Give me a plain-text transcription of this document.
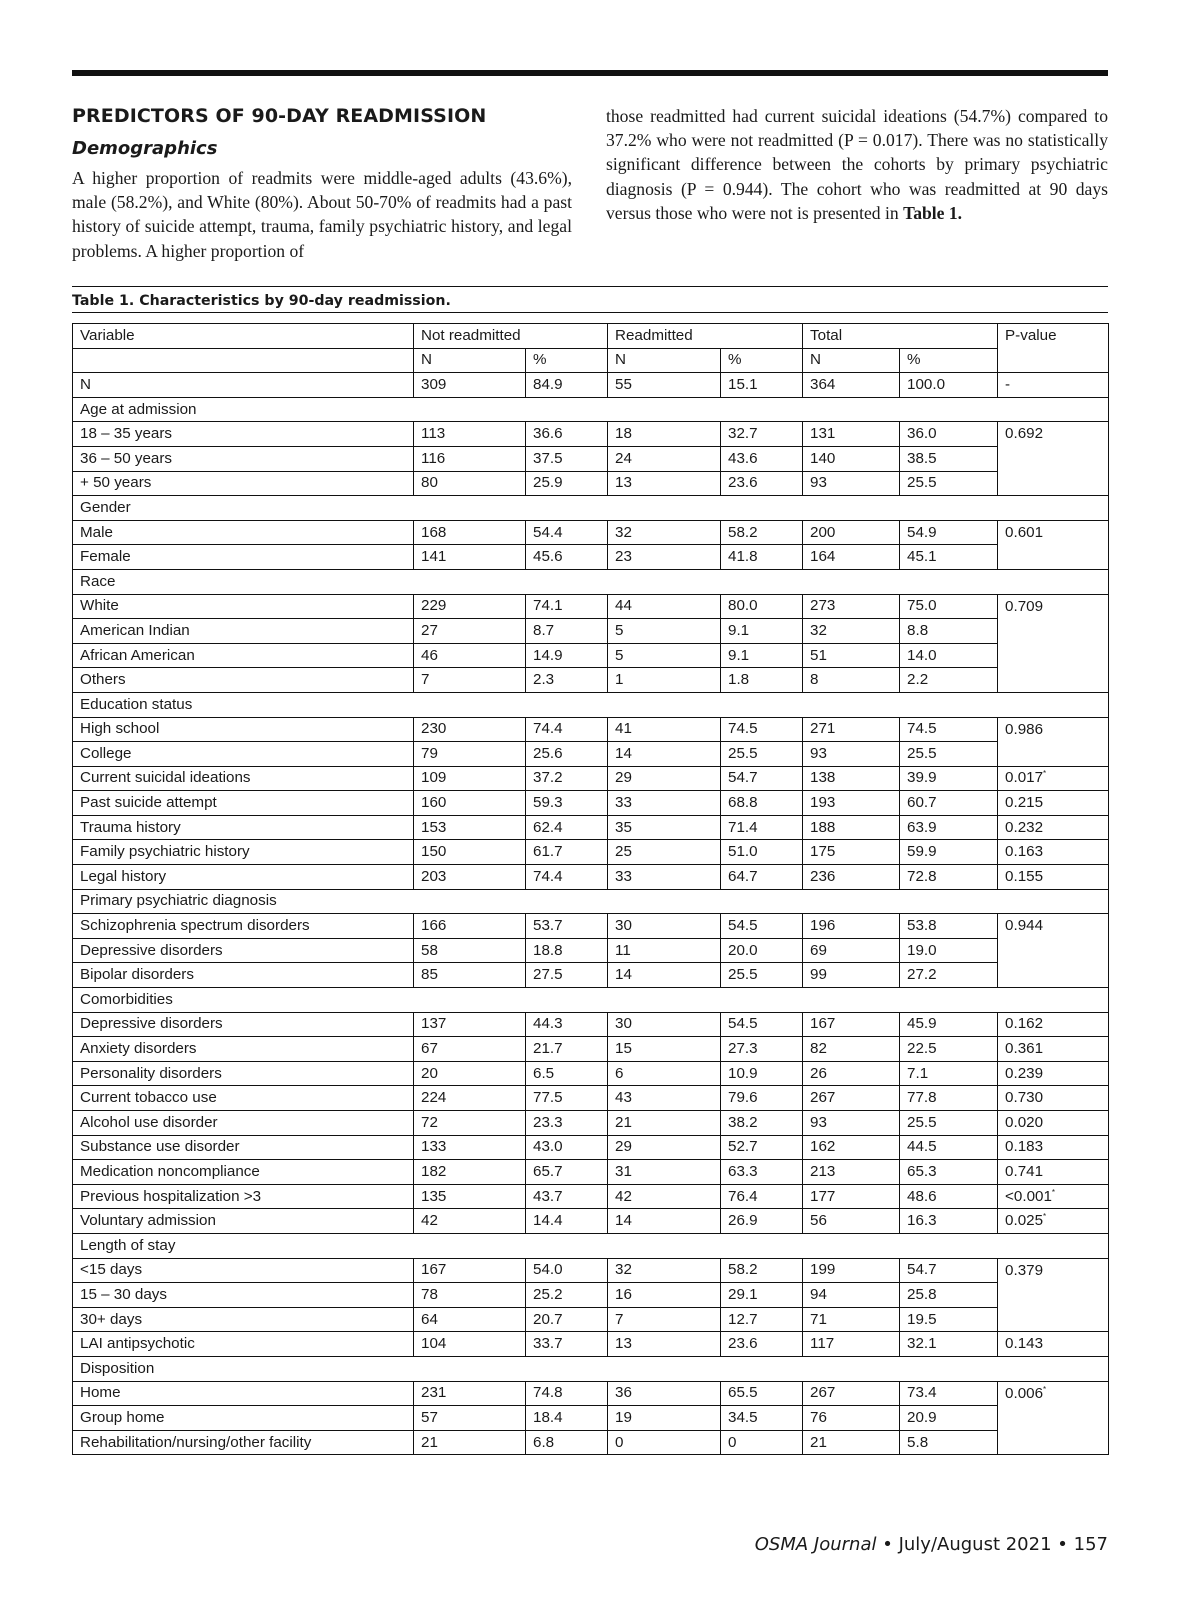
PREDICTORS OF 90-DAY READMISSION
Demographics

A higher proportion of readmits were middle-aged adults (43.6%), male (58.2%), and White (80%). About 50-70% of readmits had a past history of suicide attempt, trauma, family psychiatric history, and legal problems. A higher proportion of

those readmitted had current suicidal ideations (54.7%) compared to 37.2% who were not readmitted (P = 0.017). There was no statistically significant difference between the cohorts by primary psychiatric diagnosis (P = 0.944). The cohort who was readmitted at 90 days versus those who were not is presented in Table 1.

Table 1. Characteristics by 90-day readmission.
Variable	Not readmitted		Readmitted		Total		P-value
	N	%	N	%	N	%	
N	309	84.9	55	15.1	364	100.0	-
Age at admission							
18 – 35 years	113	36.6	18	32.7	131	36.0	0.692
36 – 50 years	116	37.5	24	43.6	140	38.5	
+ 50 years	80	25.9	13	23.6	93	25.5	
Gender							
Male	168	54.4	32	58.2	200	54.9	0.601
Female	141	45.6	23	41.8	164	45.1	
Race							
White	229	74.1	44	80.0	273	75.0	0.709
American Indian	27	8.7	5	9.1	32	8.8	
African American	46	14.9	5	9.1	51	14.0	
Others	7	2.3	1	1.8	8	2.2	
Education status							
High school	230	74.4	41	74.5	271	74.5	0.986
College	79	25.6	14	25.5	93	25.5	
Current suicidal ideations	109	37.2	29	54.7	138	39.9	0.017*
Past suicide attempt	160	59.3	33	68.8	193	60.7	0.215
Trauma history	153	62.4	35	71.4	188	63.9	0.232
Family psychiatric history	150	61.7	25	51.0	175	59.9	0.163
Legal history	203	74.4	33	64.7	236	72.8	0.155
Primary psychiatric diagnosis							
Schizophrenia spectrum disorders	166	53.7	30	54.5	196	53.8	0.944
Depressive disorders	58	18.8	11	20.0	69	19.0	
Bipolar disorders	85	27.5	14	25.5	99	27.2	
Comorbidities							
Depressive disorders	137	44.3	30	54.5	167	45.9	0.162
Anxiety disorders	67	21.7	15	27.3	82	22.5	0.361
Personality disorders	20	6.5	6	10.9	26	7.1	0.239
Current tobacco use	224	77.5	43	79.6	267	77.8	0.730
Alcohol use disorder	72	23.3	21	38.2	93	25.5	0.020
Substance use disorder	133	43.0	29	52.7	162	44.5	0.183
Medication noncompliance	182	65.7	31	63.3	213	65.3	0.741
Previous hospitalization >3	135	43.7	42	76.4	177	48.6	<0.001*
Voluntary admission	42	14.4	14	26.9	56	16.3	0.025*
Length of stay							
<15 days	167	54.0	32	58.2	199	54.7	0.379
15 – 30 days	78	25.2	16	29.1	94	25.8	
30+ days	64	20.7	7	12.7	71	19.5	
LAI antipsychotic	104	33.7	13	23.6	117	32.1	0.143
Disposition							
Home	231	74.8	36	65.5	267	73.4	0.006*
Group home	57	18.4	19	34.5	76	20.9	
Rehabilitation/nursing/other facility	21	6.8	0	0	21	5.8	
OSMA Journal • July/August 2021 • 157
